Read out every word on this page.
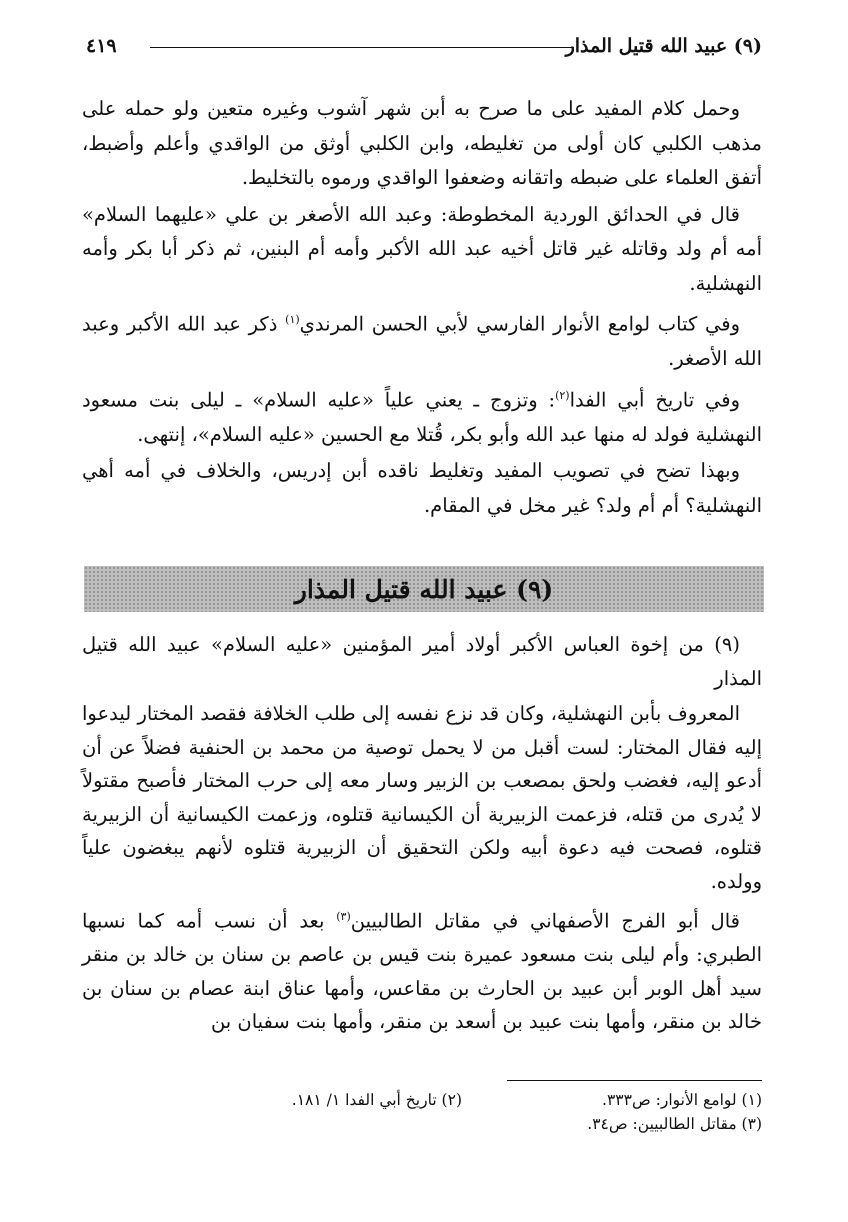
(٩) عبيد الله قتيل المذار
٤١٩

وحمل كلام المفيد على ما صرح به أبن شهر آشوب وغيره متعين ولو حمله على مذهب الكلبي كان أولى من تغليطه، وابن الكلبي أوثق من الواقدي وأعلم وأضبط، أتفق العلماء على ضبطه واتقانه وضعفوا الواقدي ورموه بالتخليط.

قال في الحدائق الوردية المخطوطة: وعبد الله الأصغر بن علي «عليهما السلام» أمه أم ولد وقاتله غير قاتل أخيه عبد الله الأكبر وأمه أم البنين، ثم ذكر أبا بكر وأمه النهشلية.

وفي كتاب لوامع الأنوار الفارسي لأبي الحسن المرندي$^{(١)}$ ذكر عبد الله الأكبر وعبد الله الأصغر.

وفي تاريخ أبي الفدا$^{(٢)}$: وتزوج ـ يعني علياً «عليه السلام» ـ ليلى بنت مسعود النهشلية فولد له منها عبد الله وأبو بكر، قُتلا مع الحسين «عليه السلام»، إنتهى.

وبهذا تضح في تصويب المفيد وتغليط ناقده أبن إدريس، والخلاف في أمه أهي النهشلية؟ أم أم ولد؟ غير مخل في المقام.

(٩) عبيد الله قتيل المذار

(٩) من إخوة العباس الأكبر أولاد أمير المؤمنين «عليه السلام» عبيد الله قتيل المذار

المعروف بأبن النهشلية، وكان قد نزع نفسه إلى طلب الخلافة فقصد المختار ليدعوا إليه فقال المختار: لست أقبل من لا يحمل توصية من محمد بن الحنفية فضلاً عن أن أدعو إليه، فغضب ولحق بمصعب بن الزبير وسار معه إلى حرب المختار فأصبح مقتولاً لا يُدرى من قتله، فزعمت الزبيرية أن الكيسانية قتلوه، وزعمت الكيسانية أن الزبيرية قتلوه، فصحت فيه دعوة أبيه ولكن التحقيق أن الزبيرية قتلوه لأنهم يبغضون علياً وولده.

قال أبو الفرج الأصفهاني في مقاتل الطالبيين$^{(٣)}$ بعد أن نسب أمه كما نسبها الطبري: وأم ليلى بنت مسعود عميرة بنت قيس بن عاصم بن سنان بن خالد بن منقر سيد أهل الوبر أبن عبيد بن الحارث بن مقاعس، وأمها عناق ابنة عصام بن سنان بن خالد بن منقر، وأمها بنت عبيد بن أسعد بن منقر، وأمها بنت سفيان بن

(١) لوامع الأنوار: ص٣٣٣.
(٢) تاريخ أبي الفدا ١/ ١٨١.
(٣) مقاتل الطالبيين: ص٣٤.
